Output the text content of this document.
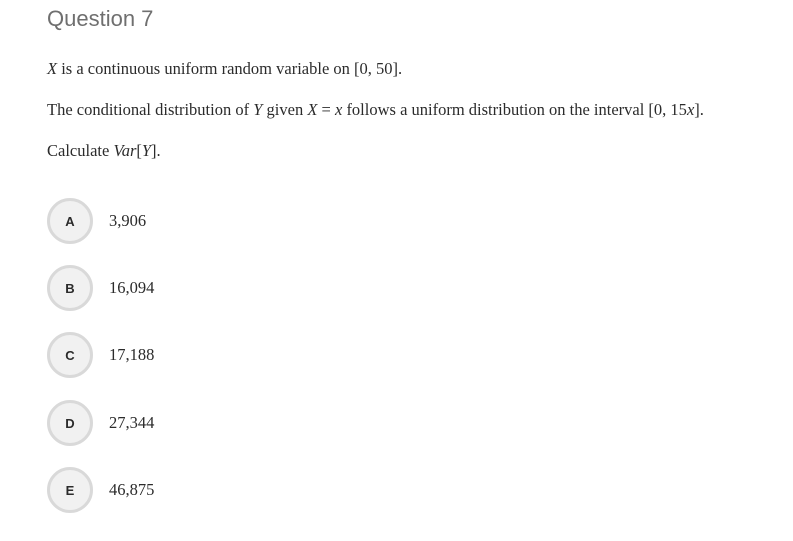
Question 7

X is a continuous uniform random variable on [0, 50].

The conditional distribution of Y given X = x follows a uniform distribution on the interval [0, 15x].

Calculate Var[Y].

A	3,906
B	16,094
C	17,188
D	27,344
E	46,875
